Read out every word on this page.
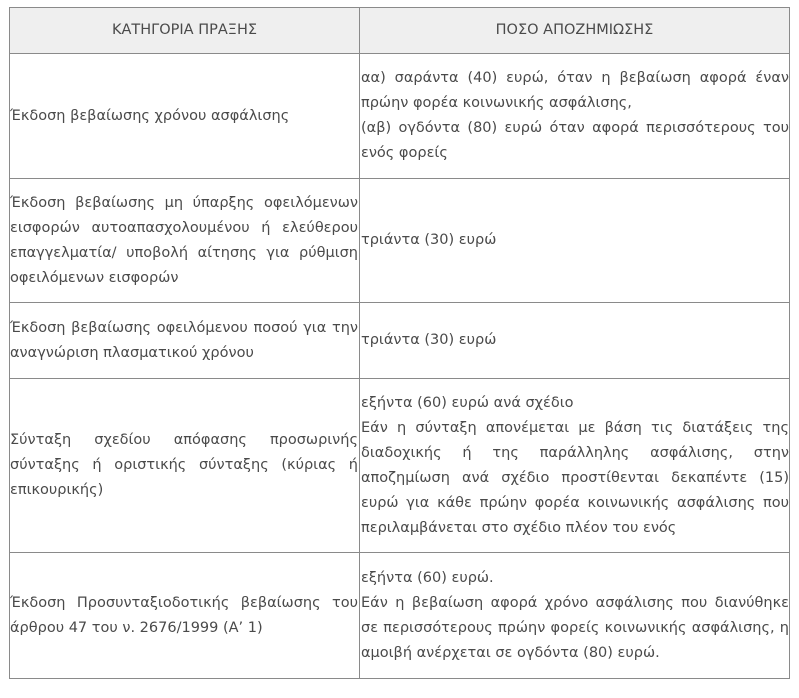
ΚΑΤΗΓΟΡΙΑ ΠΡΑΞΗΣ	ΠΟΣΟ ΑΠΟΖΗΜΙΩΣΗΣ

Έκδοση βεβαίωσης χρόνου ασφάλισης	αα) σαράντα (40) ευρώ, όταν η βεβαίωση αφορά έναν πρώην φορέα κοινωνικής ασφάλισης,
(αβ) ογδόντα (80) ευρώ όταν αφορά περισσότερους του ενός φορείς

Έκδοση βεβαίωσης μη ύπαρξης οφειλόμενων εισφορών αυτοαπασχολουμένου ή ελεύθερου επαγγελματία/ υποβολή αίτησης για ρύθμιση οφειλόμενων εισφορών	τριάντα (30) ευρώ

Έκδοση βεβαίωσης οφειλόμενου ποσού για την αναγνώριση πλασματικού χρόνου	τριάντα (30) ευρώ

Σύνταξη σχεδίου απόφασης προσωρινής σύνταξης ή οριστικής σύνταξης (κύριας ή επικουρικής)	εξήντα (60) ευρώ ανά σχέδιο
Εάν η σύνταξη απονέμεται με βάση τις διατάξεις της διαδοχικής ή της παράλληλης ασφάλισης, στην αποζημίωση ανά σχέδιο προστίθενται δεκαπέντε (15) ευρώ για κάθε πρώην φορέα κοινωνικής ασφάλισης που περιλαμβάνεται στο σχέδιο πλέον του ενός

Έκδοση Προσυνταξιοδοτικής βεβαίωσης του άρθρου 47 του ν. 2676/1999 (Α’ 1)	εξήντα (60) ευρώ.
Εάν η βεβαίωση αφορά χρόνο ασφάλισης που διανύθηκε σε περισσότερους πρώην φορείς κοινωνικής ασφάλισης, η αμοιβή ανέρχεται σε ογδόντα (80) ευρώ.
